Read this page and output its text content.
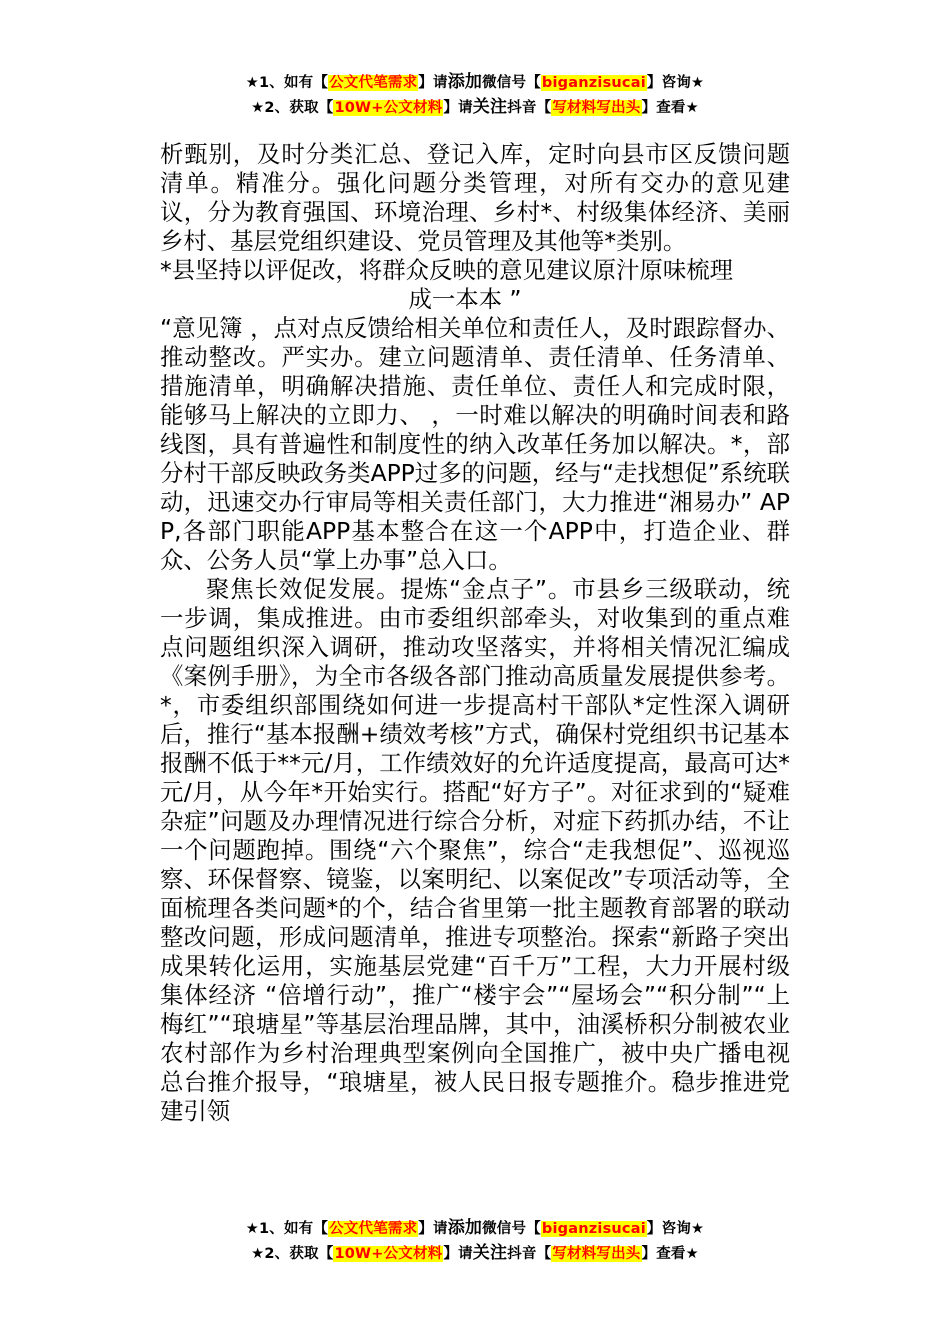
★1、如有【公文代笔需求】请添加微信号【biganzisucai】咨询★
★2、获取【10W+公文材料】请关注抖音【写材料写出头】查看★

析甄别，及时分类汇总、登记入库，定时向县市区反馈问题清单。精准分。强化问题分类管理，对所有交办的意见建议，分为教育强国、环境治理、乡村*、村级集体经济、美丽乡村、基层党组织建设、党员管理及其他等*类别。

*县坚持以评促改，将群众反映的意见建议原汁原味梳理

成一本本 ”

“意见簿 ，点对点反馈给相关单位和责任人，及时跟踪督办、推动整改。严实办。建立问题清单、责任清单、任务清单、措施清单，明确解决措施、责任单位、责任人和完成时限，能够马上解决的立即力、 ，一时难以解决的明确时间表和路线图，具有普遍性和制度性的纳入改革任务加以解决。*，部分村干部反映政务类APP过多的问题，经与“走找想促”系统联动，迅速交办行审局等相关责任部门，大力推进“湘易办” APP,各部门职能APP基本整合在这一个APP中，打造企业、群众、公务人员“掌上办事”总入口。

聚焦长效促发展。提炼“金点子”。市县乡三级联动，统一步调，集成推进。由市委组织部牵头，对收集到的重点难点问题组织深入调研，推动攻坚落实，并将相关情况汇编成《案例手册》，为全市各级各部门推动高质量发展提供参考。*，市委组织部围绕如何进一步提高村干部队*定性深入调研后，推行“基本报酬+绩效考核”方式，确保村党组织书记基本报酬不低于**元/月，工作绩效好的允许适度提高，最高可达*元/月，从今年*开始实行。搭配“好方子”。对征求到的“疑难杂症”问题及办理情况进行综合分析，对症下药抓办结，不让一个问题跑掉。围绕“六个聚焦”，综合“走我想促”、巡视巡察、环保督察、镜鉴，以案明纪、以案促改”专项活动等，全面梳理各类问题*的个，结合省里第一批主题教育部署的联动整改问题，形成问题清单，推进专项整治。探索“新路子突出成果转化运用，实施基层党建“百千万”工程，大力开展村级集体经济 “倍增行动”，推广“楼宇会”“屋场会”“积分制”“上梅红”“琅塘星”等基层治理品牌，其中，油溪桥积分制被农业农村部作为乡村治理典型案例向全国推广，被中央广播电视总台推介报导，“琅塘星，被人民日报专题推介。稳步推进党建引领

★1、如有【公文代笔需求】请添加微信号【biganzisucai】咨询★
★2、获取【10W+公文材料】请关注抖音【写材料写出头】查看★
